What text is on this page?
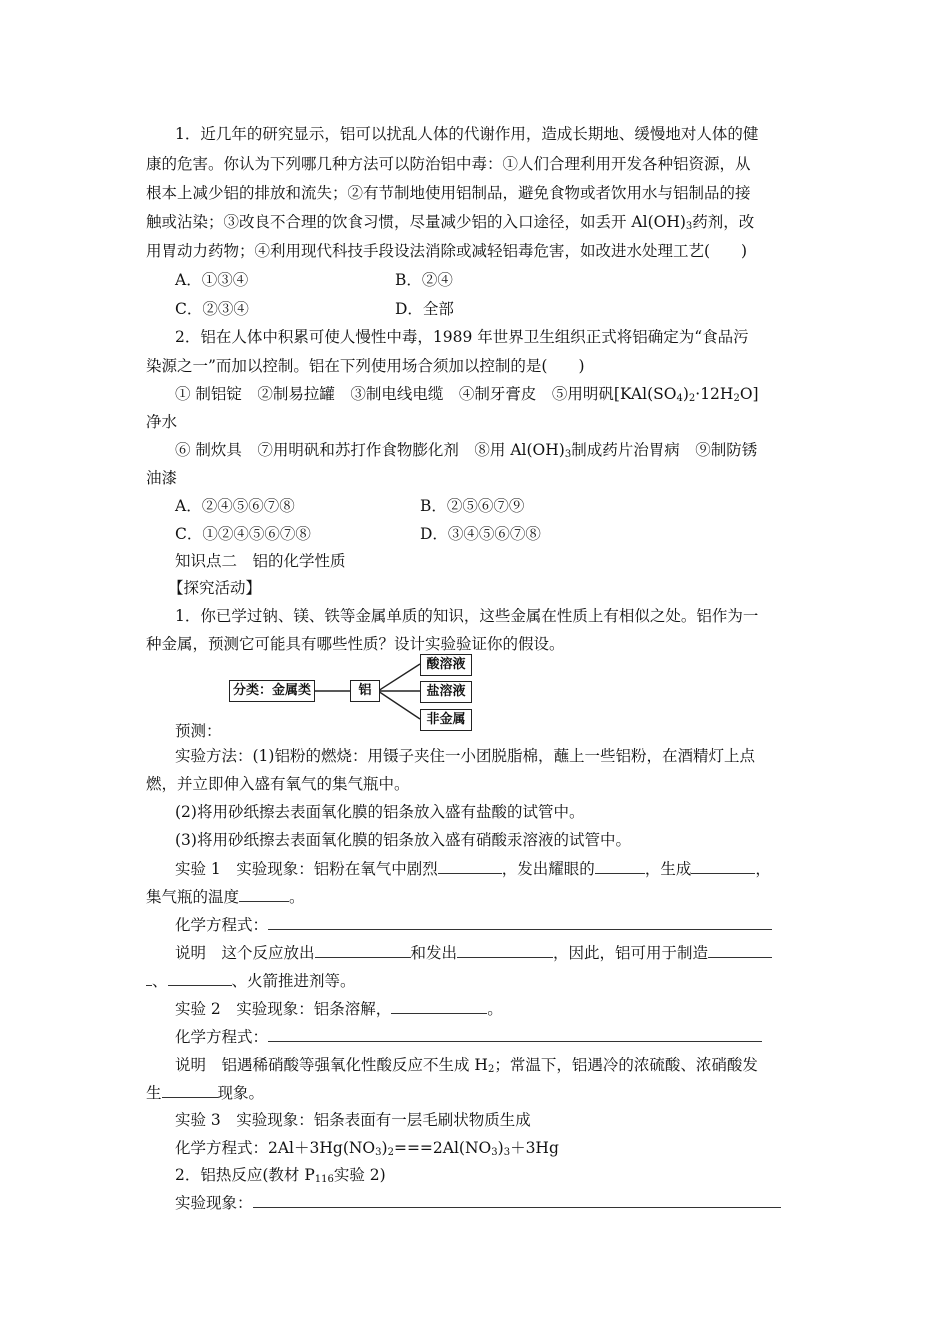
1．近几年的研究显示，铝可以扰乱人体的代谢作用，造成长期地、缓慢地对人体的健
康的危害。你认为下列哪几种方法可以防治铝中毒：①人们合理利用开发各种铝资源，从
根本上减少铝的排放和流失；②有节制地使用铝制品，避免食物或者饮用水与铝制品的接
触或沾染；③改良不合理的饮食习惯，尽量减少铝的入口途径，如丢开 $Al(OH)_3$药剂，改
用胃动力药物；④利用现代科技手段设法消除或减轻铝毒危害，如改进水处理工艺(　　)
A．①③④	B．②④
C．②③④	D．全部
2．铝在人体中积累可使人慢性中毒，1989 年世界卫生组织正式将铝确定为“食品污
染源之一”而加以控制。铝在下列使用场合须加以控制的是(　　)
① 制铝锭　②制易拉罐　③制电线电缆　④制牙膏皮　⑤用明矾$[KAl(SO_4)_2\cdot 12H_2O]$
净水
⑥ 制炊具　⑦用明矾和苏打作食物膨化剂　⑧用 $Al(OH)_3$制成药片治胃病　⑨制防锈
油漆
A．②④⑤⑥⑦⑧	B．②⑤⑥⑦⑨
C．①②④⑤⑥⑦⑧	D．③④⑤⑥⑦⑧
知识点二　铝的化学性质
【探究活动】
1．你已学过钠、镁、铁等金属单质的知识，这些金属在性质上有相似之处。铝作为一
种金属，预测它可能具有哪些性质？设计实验验证你的假设。
分类：金属类	铝
酸溶液
盐溶液
非金属
预测：
实验方法：(1)铝粉的燃烧：用镊子夹住一小团脱脂棉，蘸上一些铝粉，在酒精灯上点
燃，并立即伸入盛有氧气的集气瓶中。
(2)将用砂纸擦去表面氧化膜的铝条放入盛有盐酸的试管中。
(3)将用砂纸擦去表面氧化膜的铝条放入盛有硝酸汞溶液的试管中。
实验 1　实验现象：铝粉在氧气中剧烈	，发出耀眼的	，生成	，
集气瓶的温度	。
化学方程式：
说明　这个反应放出	和发出	，因此，铝可用于制造
、	、火箭推进剂等。
实验 2　实验现象：铝条溶解，	。
化学方程式：
说明　铝遇稀硝酸等强氧化性酸反应不生成 $H_2$；常温下，铝遇冷的浓硫酸、浓硝酸发
生	现象。
实验 3　实验现象：铝条表面有一层毛刷状物质生成
化学方程式：$2Al+3Hg(NO_3)_2===2Al(NO_3)_3+3Hg$
2．铝热反应(教材 $P_{116}$实验 2)
实验现象：
